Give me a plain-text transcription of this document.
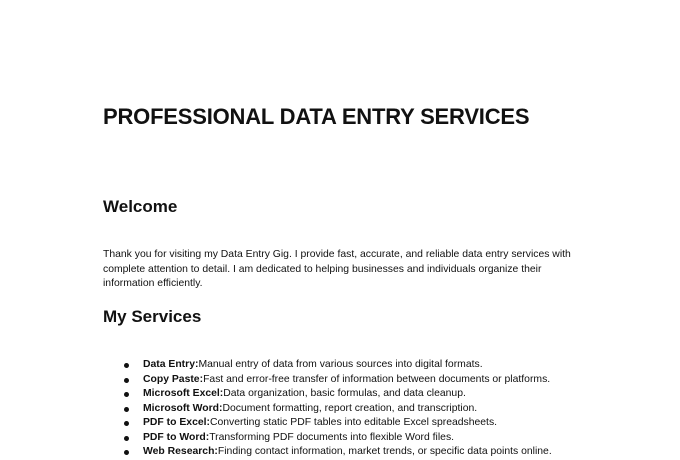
PROFESSIONAL DATA ENTRY SERVICES
Welcome

Thank you for visiting my Data Entry Gig. I provide fast, accurate, and reliable data entry services with
complete attention to detail. I am dedicated to helping businesses and individuals organize their
information efficiently.

My Services
Data Entry:Manual entry of data from various sources into digital formats.
Copy Paste:Fast and error-free transfer of information between documents or platforms.
Microsoft Excel:Data organization, basic formulas, and data cleanup.
Microsoft Word:Document formatting, report creation, and transcription.
PDF to Excel:Converting static PDF tables into editable Excel spreadsheets.
PDF to Word:Transforming PDF documents into flexible Word files.
Web Research:Finding contact information, market trends, or specific data points online.
